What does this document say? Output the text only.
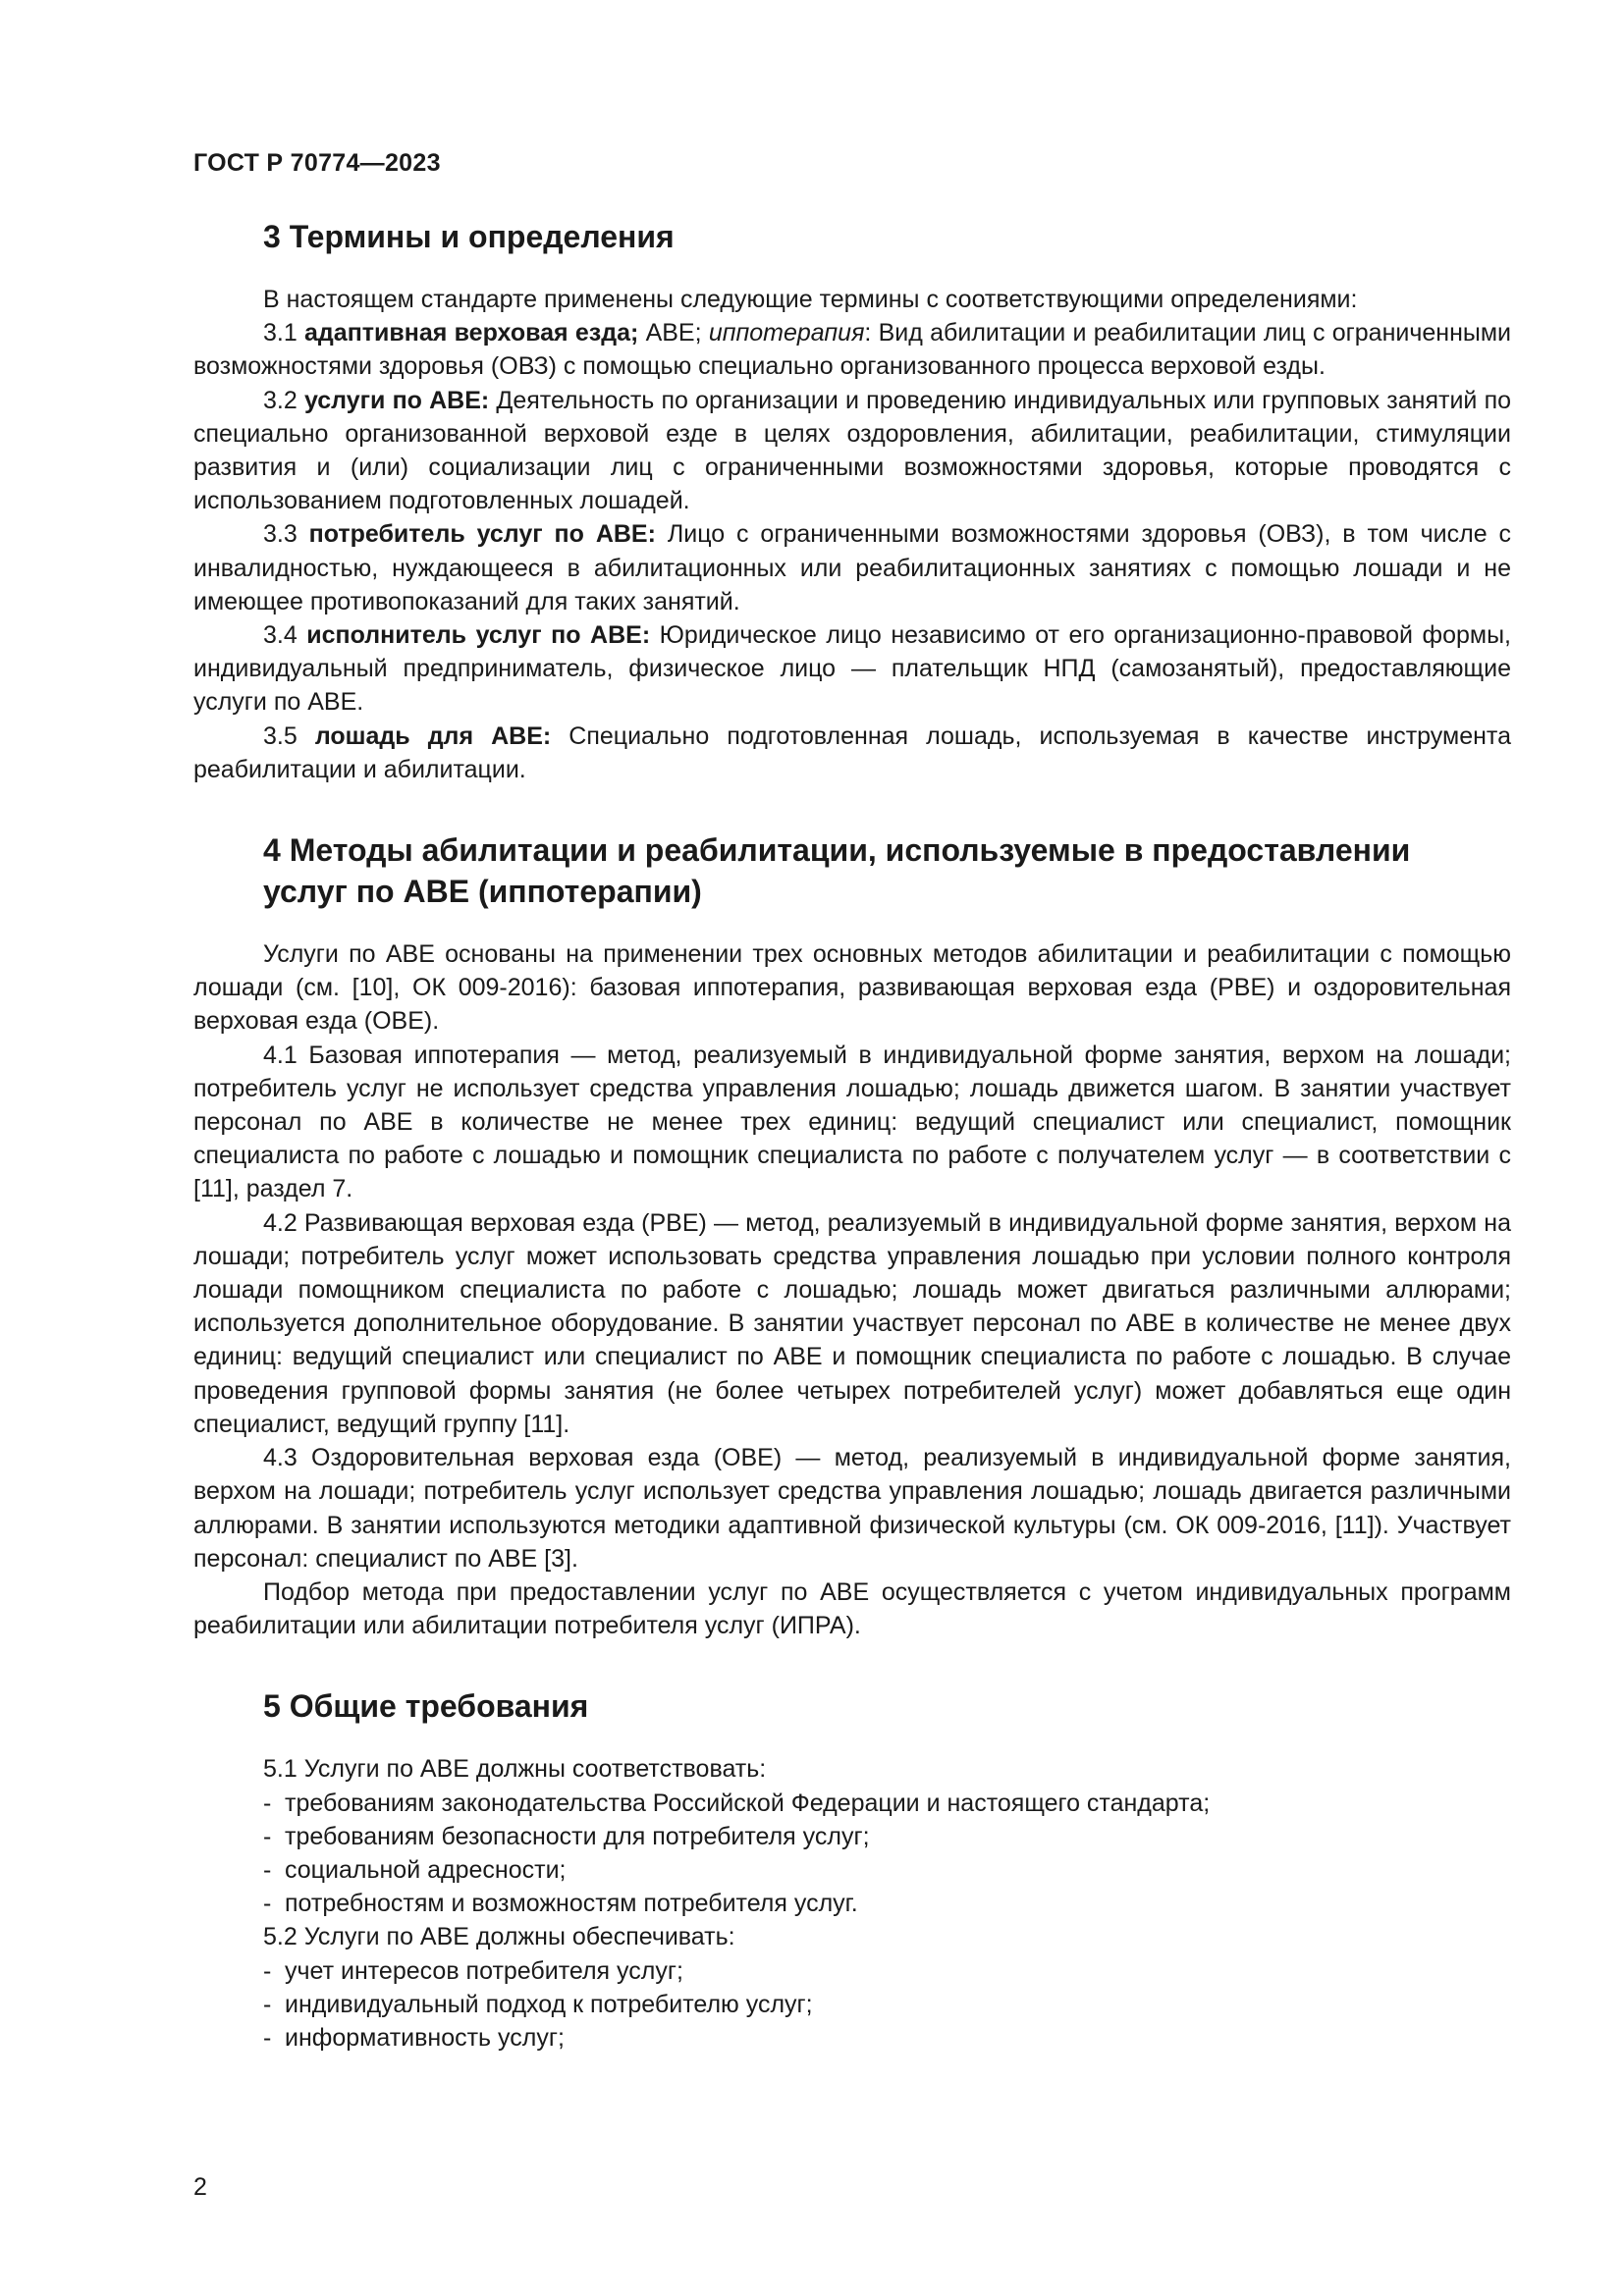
ГОСТ Р 70774—2023
3 Термины и определения

В настоящем стандарте применены следующие термины с соответствующими определениями:

3.1 адаптивная верховая езда; АВЕ; иппотерапия: Вид абилитации и реабилитации лиц с ограниченными возможностями здоровья (ОВЗ) с помощью специально организованного процесса верховой езды.

3.2 услуги по АВЕ: Деятельность по организации и проведению индивидуальных или групповых занятий по специально организованной верховой езде в целях оздоровления, абилитации, реабилитации, стимуляции развития и (или) социализации лиц с ограниченными возможностями здоровья, которые проводятся с использованием подготовленных лошадей.

3.3 потребитель услуг по АВЕ: Лицо с ограниченными возможностями здоровья (ОВЗ), в том числе с инвалидностью, нуждающееся в абилитационных или реабилитационных занятиях с помощью лошади и не имеющее противопоказаний для таких занятий.

3.4 исполнитель услуг по АВЕ: Юридическое лицо независимо от его организационно-правовой формы, индивидуальный предприниматель, физическое лицо — плательщик НПД (самозанятый), предоставляющие услуги по АВЕ.

3.5 лошадь для АВЕ: Специально подготовленная лошадь, используемая в качестве инструмента реабилитации и абилитации.

4 Методы абилитации и реабилитации, используемые в предоставлении
услуг по АВЕ (иппотерапии)

Услуги по АВЕ основаны на применении трех основных методов абилитации и реабилитации с помощью лошади (см. [10], ОК 009-2016): базовая иппотерапия, развивающая верховая езда (РВЕ) и оздоровительная верховая езда (ОВЕ).

4.1 Базовая иппотерапия — метод, реализуемый в индивидуальной форме занятия, верхом на лошади; потребитель услуг не использует средства управления лошадью; лошадь движется шагом. В занятии участвует персонал по АВЕ в количестве не менее трех единиц: ведущий специалист или специалист, помощник специалиста по работе с лошадью и помощник специалиста по работе с получателем услуг — в соответствии с [11], раздел 7.

4.2 Развивающая верховая езда (РВЕ) — метод, реализуемый в индивидуальной форме занятия, верхом на лошади; потребитель услуг может использовать средства управления лошадью при условии полного контроля лошади помощником специалиста по работе с лошадью; лошадь может двигаться различными аллюрами; используется дополнительное оборудование. В занятии участвует персонал по АВЕ в количестве не менее двух единиц: ведущий специалист или специалист по АВЕ и помощник специалиста по работе с лошадью. В случае проведения групповой формы занятия (не более четырех потребителей услуг) может добавляться еще один специалист, ведущий группу [11].

4.3 Оздоровительная верховая езда (ОВЕ) — метод, реализуемый в индивидуальной форме занятия, верхом на лошади; потребитель услуг использует средства управления лошадью; лошадь двигается различными аллюрами. В занятии используются методики адаптивной физической культуры (см. ОК 009-2016, [11]). Участвует персонал: специалист по АВЕ [3].

Подбор метода при предоставлении услуг по АВЕ осуществляется с учетом индивидуальных программ реабилитации или абилитации потребителя услуг (ИПРА).

5 Общие требования

5.1 Услуги по АВЕ должны соответствовать:

- требованиям законодательства Российской Федерации и настоящего стандарта;

- требованиям безопасности для потребителя услуг;

- социальной адресности;

- потребностям и возможностям потребителя услуг.

5.2 Услуги по АВЕ должны обеспечивать:

- учет интересов потребителя услуг;

- индивидуальный подход к потребителю услуг;

- информативность услуг;

2
